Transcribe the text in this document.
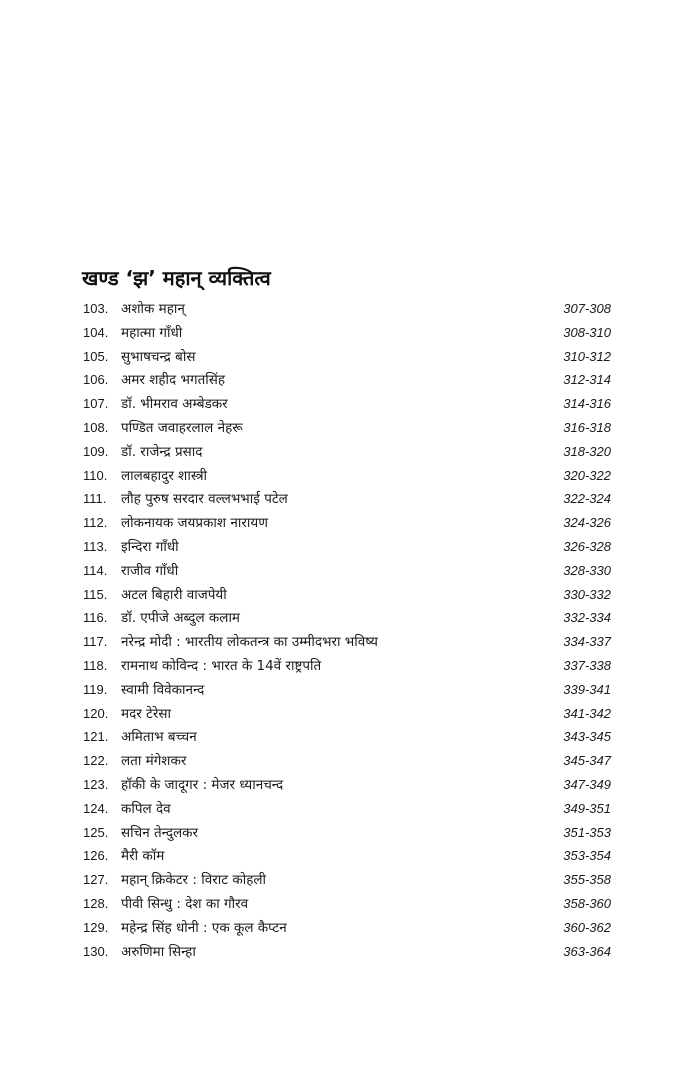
खण्ड ‘झ’ महान् व्यक्तित्व
103. अशोक महान्	307-308
104. महात्मा गाँधी	308-310
105. सुभाषचन्द्र बोस	310-312
106. अमर शहीद भगतसिंह	312-314
107. डॉ. भीमराव अम्बेडकर	314-316
108. पण्डित जवाहरलाल नेहरू	316-318
109. डॉ. राजेन्द्र प्रसाद	318-320
110.	लालबहादुर शास्त्री	320-322
111.	लौह पुरुष सरदार वल्लभभाई पटेल	322-324
112.	लोकनायक जयप्रकाश नारायण	324-326
113.	इन्दिरा गाँधी	326-328
114.	राजीव गाँधी	328-330
115.	अटल बिहारी वाजपेयी	330-332
116.	डॉ. एपीजे अब्दुल कलाम	332-334
117.	नरेन्द्र मोदी : भारतीय लोकतन्त्र का उम्मीदभरा भविष्य	334-337
118.	रामनाथ कोविन्द : भारत के 14वें राष्ट्रपति	337-338
119.	स्वामी विवेकानन्द	339-341
120. मदर टेरेसा	341-342
121. अमिताभ बच्चन	343-345
122. लता मंगेशकर	345-347
123. हॉकी के जादूगर : मेजर ध्यानचन्द	347-349
124. कपिल देव	349-351
125. सचिन तेन्दुलकर	351-353
126. मैरी कॉम	353-354
127. महान् क्रिकेटर : विराट कोहली	355-358
128. पीवी सिन्धु : देश का गौरव	358-360
129. महेन्द्र सिंह धोनी : एक कूल कैप्टन	360-362
130. अरुणिमा सिन्हा	363-364
